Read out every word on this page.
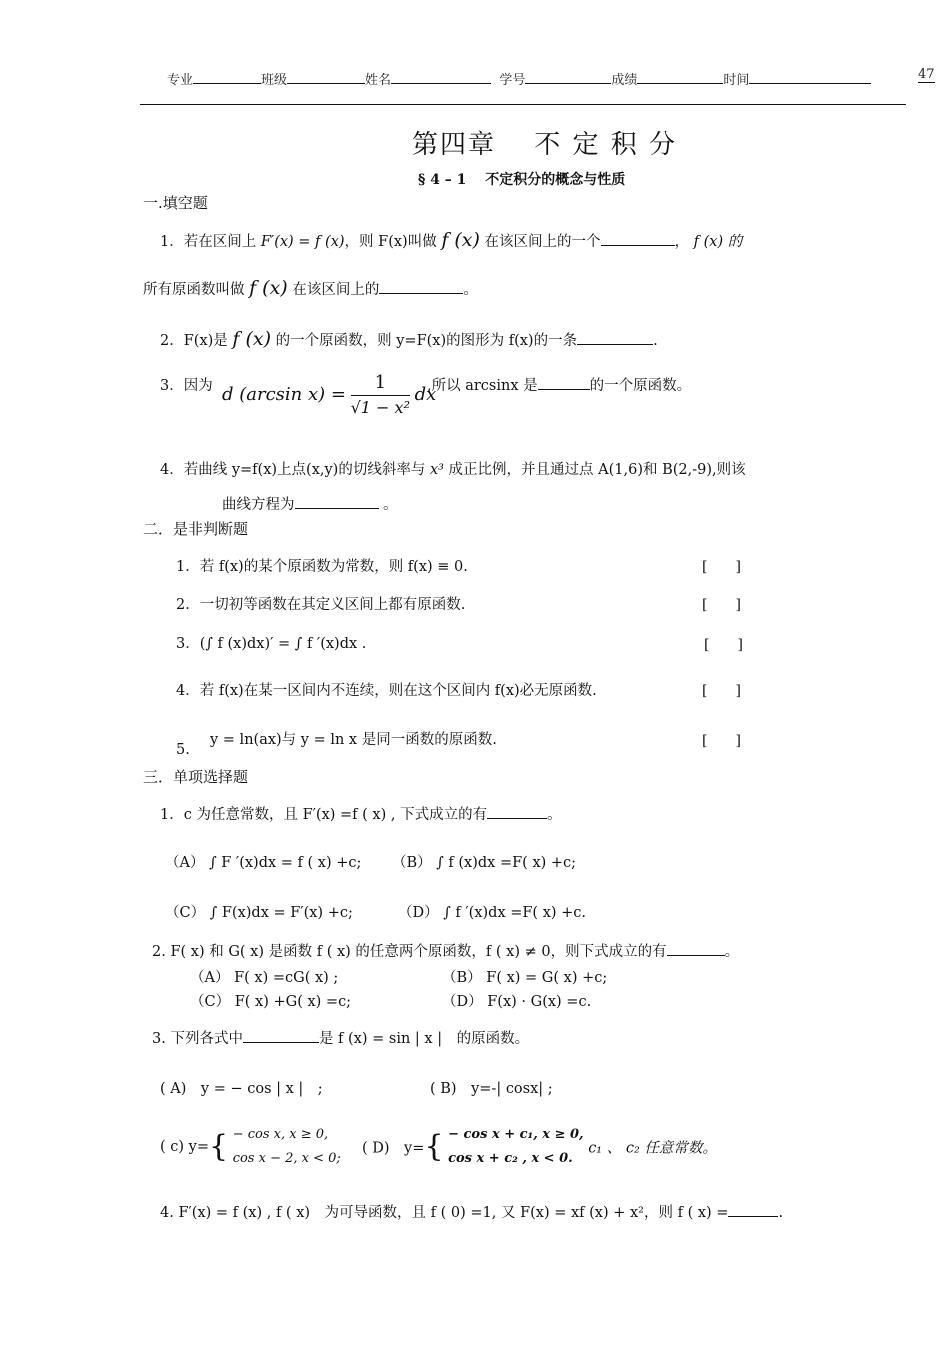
专业	班级	姓名	学号	成绩	时间	47
第四章　 不 定 积 分
§ 4 – 1　 不定积分的概念与性质
一.填空题
1．若在区间上 F′(x) = f (x)，则 F(x)叫做 f (x) 在该区间上的一个	， f (x) 的
所有原函数叫做 f (x) 在该区间上的	。
2．F(x)是 f (x) 的一个原函数，则 y=F(x)的图形为 f(x)的一条	.
3．因为 d (arcsin $x) = \frac{1}{\text{√1 − x²}}$ dx
,所以 arcsinx 是	的一个原函数。
4．若曲线 y=f(x)上点(x,y)的切线斜率与 x³ 成正比例，并且通过点 A(1,6)和 B(2,-9),则该
曲线方程为	。
二．是非判断题
1．若 f(x)的某个原函数为常数，则 f(x) ≡ 0.	[　　]
2．一切初等函数在其定义区间上都有原函数.	[　　]
3．(∫ f (x)dx)′ = ∫ f ′(x)dx .	[　　]
4．若 f(x)在某一区间内不连续，则在这个区间内 f(x)必无原函数.	[　　]
5.
y = ln(ax)与 y = ln x 是同一函数的原函数.	[　　]
三．单项选择题
1．c 为任意常数，且 F′(x) =f ( x) , 下式成立的有	。
（A） ∫ F ′(x)dx = f ( x) +c; （B） ∫ f (x)dx =F( x) +c;
（C） ∫ F(x)dx = F′(x) +c;	（D） ∫ f ′(x)dx =F( x) +c.
2. F( x) 和 G( x) 是函数 f ( x) 的任意两个原函数，f ( x) ≠ 0，则下式成立的有	。
（A） F( x) =cG( x) ;	（B） F( x) = G( x) +c;
（C） F( x) +G( x) =c;	（D） F(x) · G(x) =c.
3. 下列各式中	是 f (x) = sin | x |　的原函数。
( A)　y = − cos | x |　;	( B)　y=-| cosx| ;
( c) y={ − cos x, x ≥ 0,
cos x − 2, x < 0;
( D)　y={ − cos x + c₁, x ≥ 0,
cos x + c₂ , x < 0.
c₁ 、 c₂ 任意常数。
4. F′(x) = f (x) , f ( x)　为可导函数，且 f ( 0) =1, 又 F(x) = xf (x) + x²，则 f ( x) =	.
